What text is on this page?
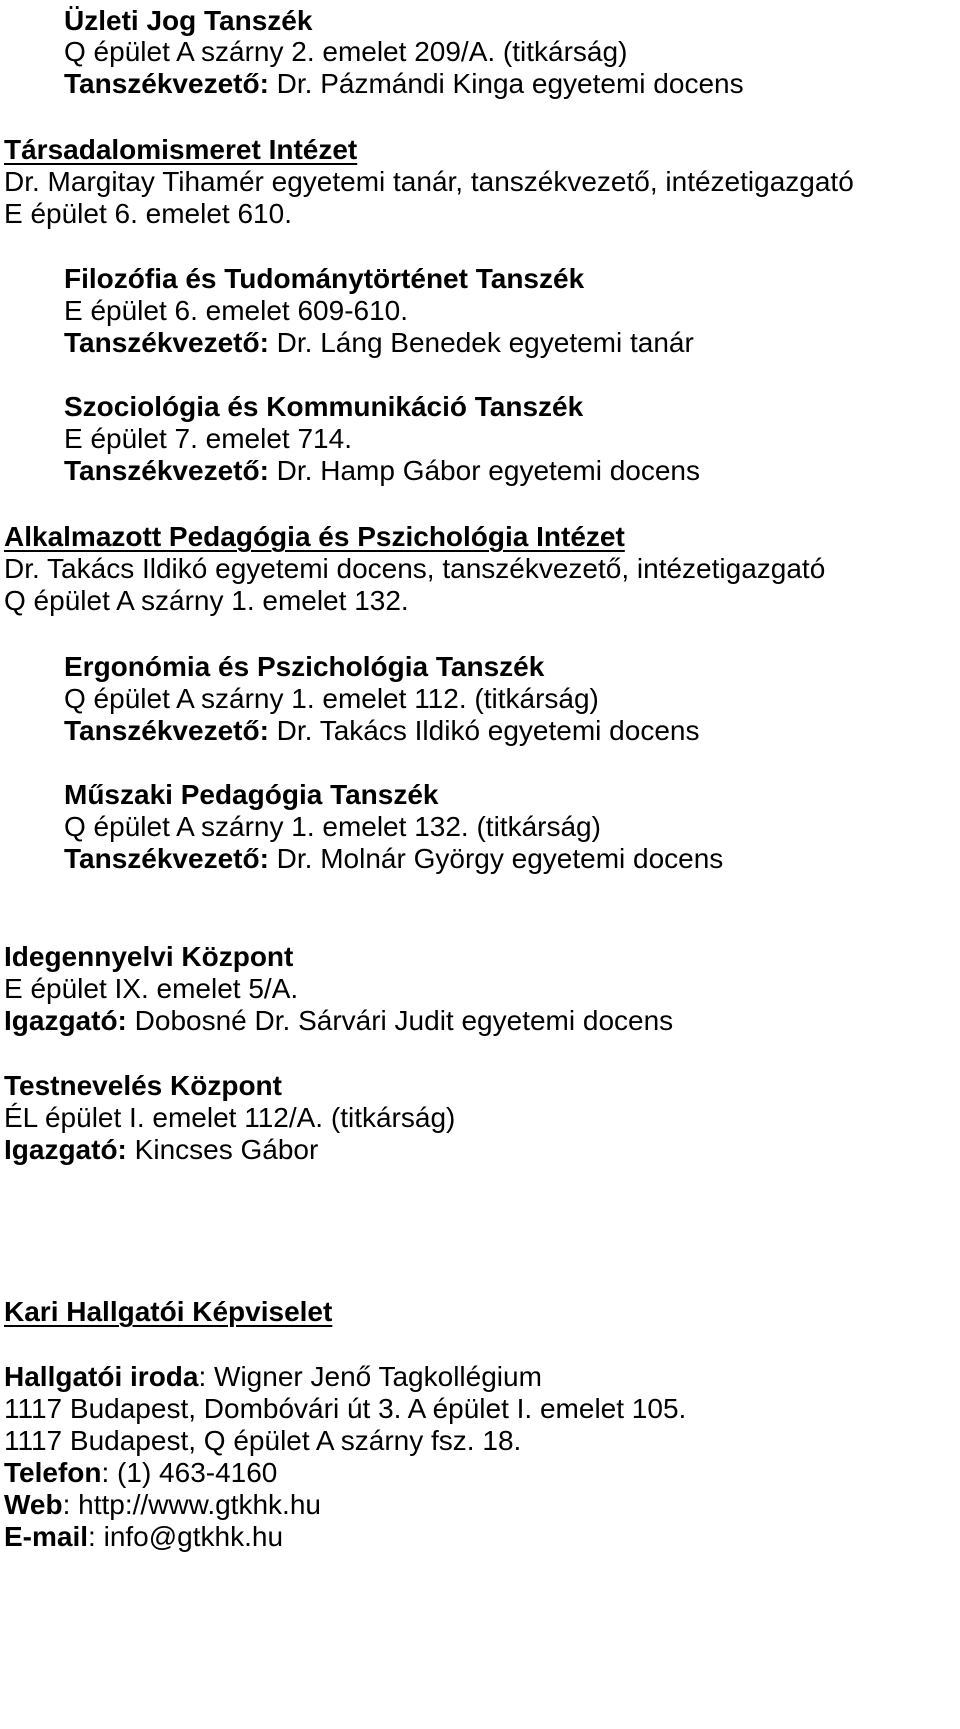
Üzleti Jog Tanszék

Q épület A szárny 2. emelet 209/A. (titkárság)

Tanszékvezető: Dr. Pázmándi Kinga egyetemi docens

Társadalomismeret Intézet

Dr. Margitay Tihamér egyetemi tanár, tanszékvezető, intézetigazgató

E épület 6. emelet 610.

Filozófia és Tudománytörténet Tanszék

E épület 6. emelet 609-610.

Tanszékvezető: Dr. Láng Benedek egyetemi tanár

Szociológia és Kommunikáció Tanszék

E épület 7. emelet 714.

Tanszékvezető: Dr. Hamp Gábor egyetemi docens

Alkalmazott Pedagógia és Pszichológia Intézet

Dr. Takács Ildikó egyetemi docens, tanszékvezető, intézetigazgató

Q épület A szárny 1. emelet 132.

Ergonómia és Pszichológia Tanszék

Q épület A szárny 1. emelet 112. (titkárság)

Tanszékvezető: Dr. Takács Ildikó egyetemi docens

Műszaki Pedagógia Tanszék

Q épület A szárny 1. emelet 132. (titkárság)

Tanszékvezető: Dr. Molnár György egyetemi docens

Idegennyelvi Központ

E épület IX. emelet 5/A.

Igazgató: Dobosné Dr. Sárvári Judit egyetemi docens

Testnevelés Központ

ÉL épület I. emelet 112/A. (titkárság)

Igazgató: Kincses Gábor

Kari Hallgatói Képviselet

Hallgatói iroda: Wigner Jenő Tagkollégium

1117 Budapest, Dombóvári út 3. A épület I. emelet 105.

1117 Budapest, Q épület A szárny fsz. 18.

Telefon: (1) 463-4160

Web: http://www.gtkhk.hu

E-mail: info@gtkhk.hu
